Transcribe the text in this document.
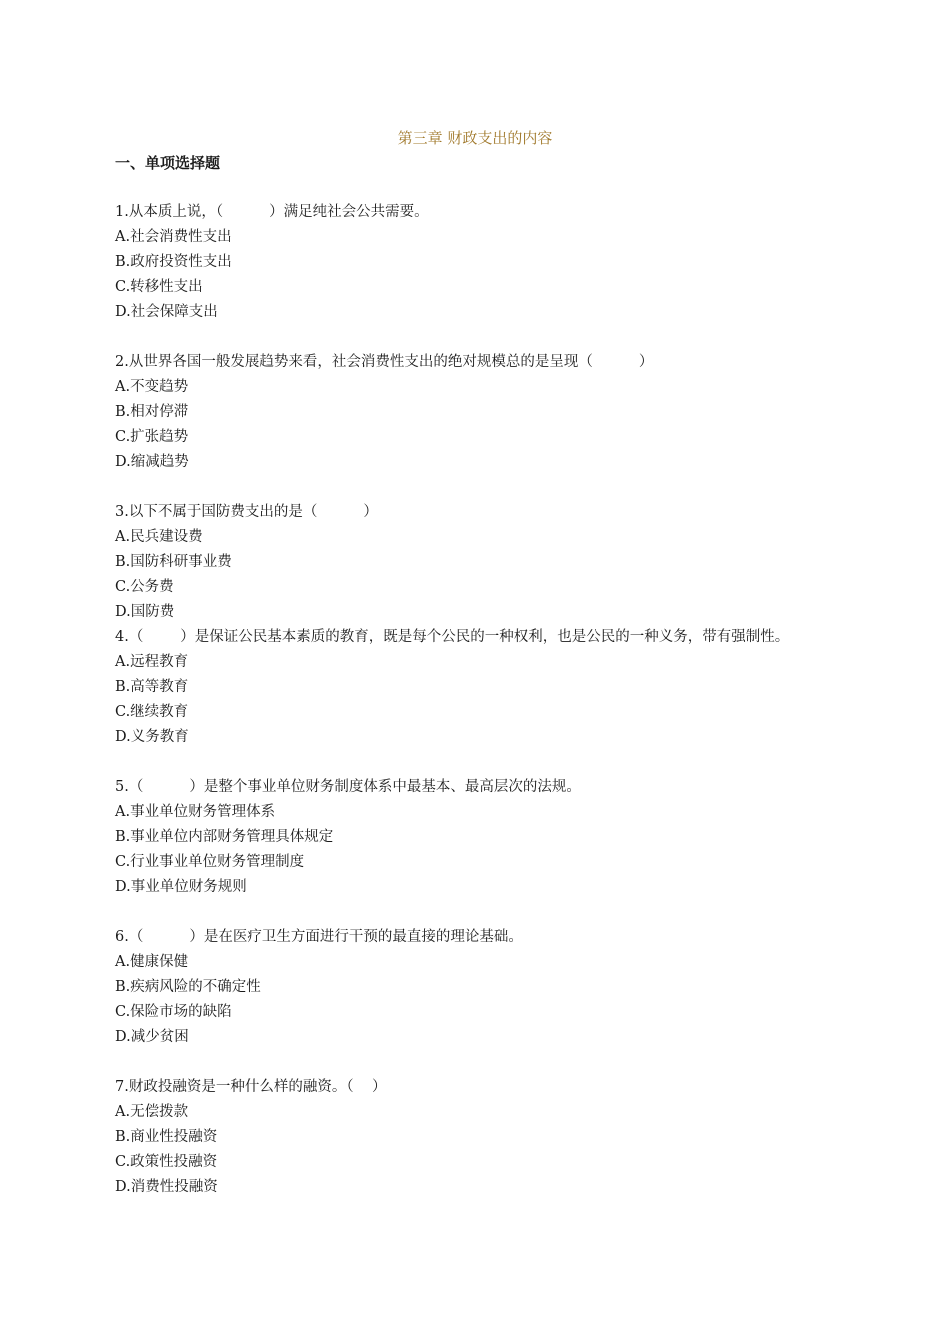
第三章 财政支出的内容
一、单项选择题
1.从本质上说，（          ）满足纯社会公共需要。
A.社会消费性支出
B.政府投资性支出
C.转移性支出
D.社会保障支出
2.从世界各国一般发展趋势来看，社会消费性支出的绝对规模总的是呈现（          ）
A.不变趋势
B.相对停滞
C.扩张趋势
D.缩减趋势
3.以下不属于国防费支出的是（          ）
A.民兵建设费
B.国防科研事业费
C.公务费
D.国防费
4.（        ）是保证公民基本素质的教育，既是每个公民的一种权利，也是公民的一种义务，带有强制性。
A.远程教育
B.高等教育
C.继续教育
D.义务教育
5.（          ）是整个事业单位财务制度体系中最基本、最高层次的法规。
A.事业单位财务管理体系
B.事业单位内部财务管理具体规定
C.行业事业单位财务管理制度
D.事业单位财务规则
6.（          ）是在医疗卫生方面进行干预的最直接的理论基础。
A.健康保健
B.疾病风险的不确定性
C.保险市场的缺陷
D.减少贫困
7.财政投融资是一种什么样的融资。（    ）
A.无偿拨款
B.商业性投融资
C.政策性投融资
D.消费性投融资
